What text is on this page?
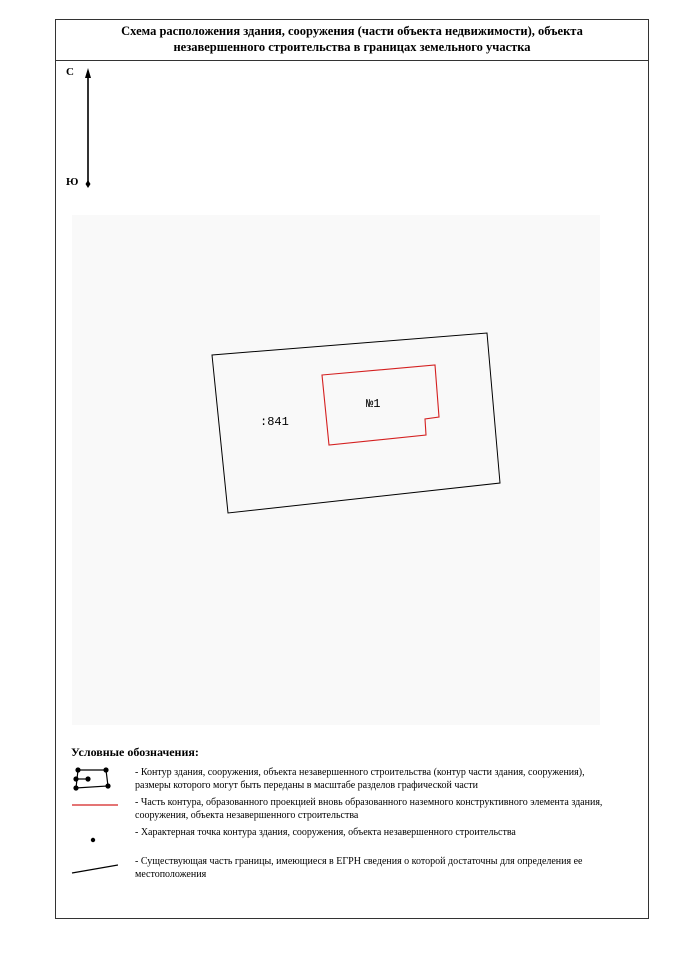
Схема расположения здания, сооружения (части объекта недвижимости), объекта
незавершенного строительства в границах земельного участка
С
Ю
:841
№1
Условные обозначения:
- Контур здания, сооружения, объекта незавершенного строительства (контур части здания, сооружения), размеры которого могут быть переданы в масштабе разделов графической части
- Часть контура, образованного проекцией вновь образованного наземного конструктивного элемента здания, сооружения, объекта незавершенного строительства
- Характерная точка контура здания, сооружения, объекта незавершенного строительства
- Существующая часть границы, имеющиеся в ЕГРН сведения о которой достаточны для определения ее местоположения
